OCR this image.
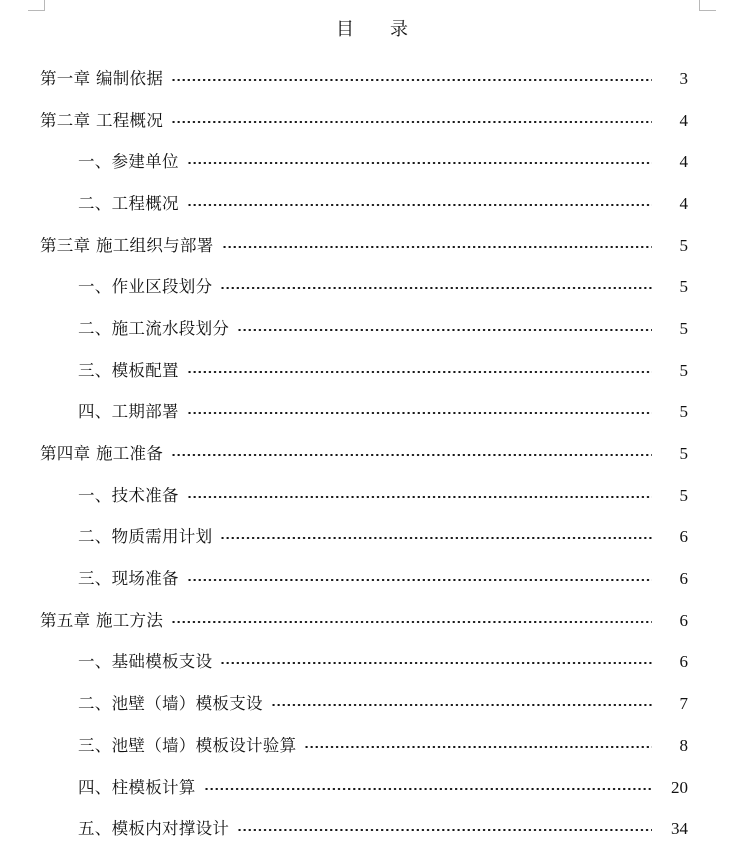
目　　录
第一章 编制依据	3
第二章 工程概况	4
一、参建单位	4
二、工程概况	4
第三章 施工组织与部署	5
一、作业区段划分	5
二、施工流水段划分	5
三、模板配置	5
四、工期部署	5
第四章 施工准备	5
一、技术准备	5
二、物质需用计划	6
三、现场准备	6
第五章 施工方法	6
一、基础模板支设	6
二、池壁（墙）模板支设	7
三、池壁（墙）模板设计验算	8
四、柱模板计算	20
五、模板内对撑设计	34
